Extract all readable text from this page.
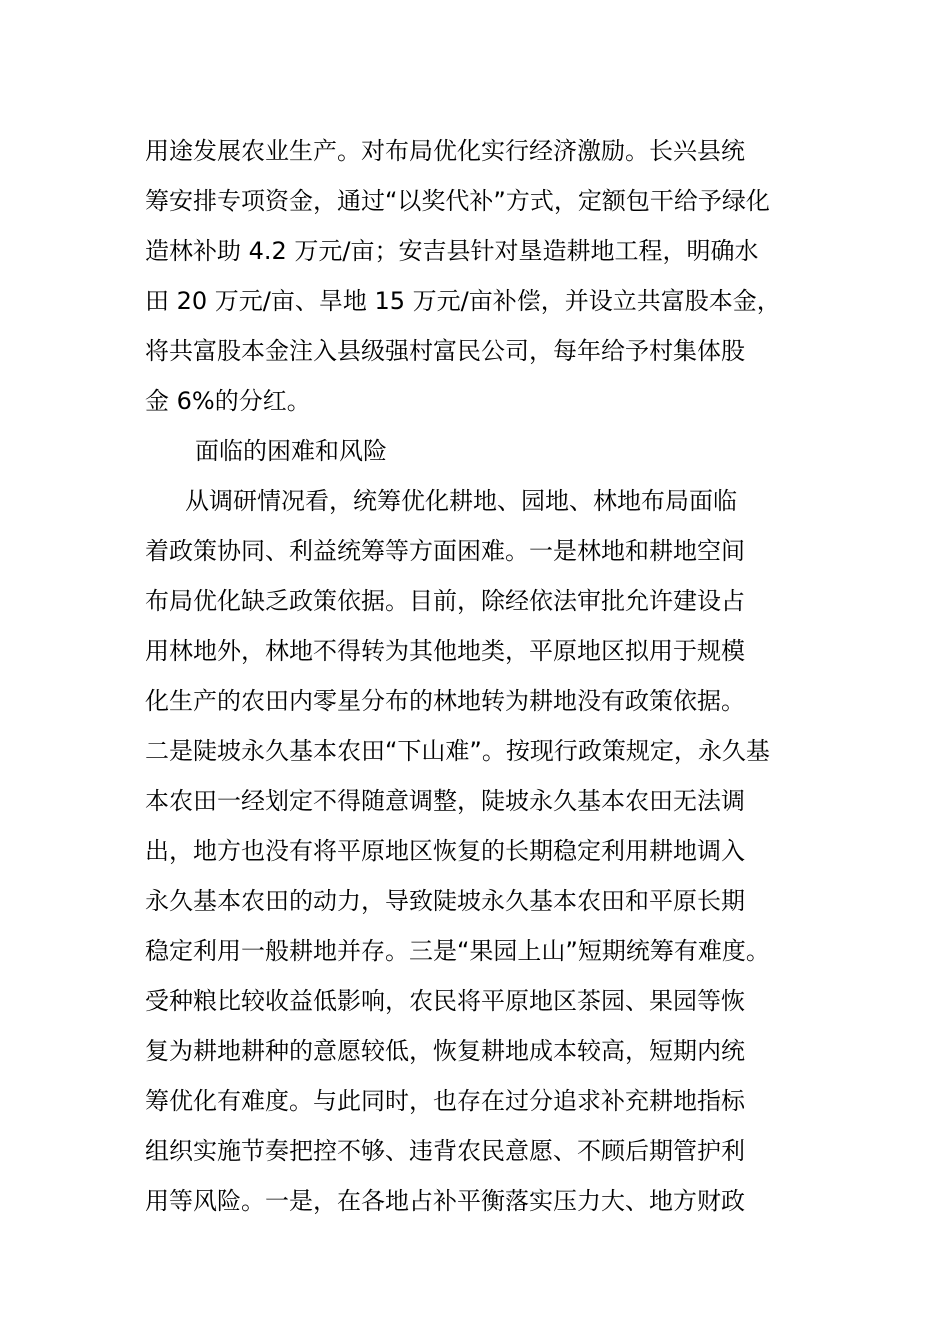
用途发展农业生产。对布局优化实行经济激励。长兴县统
筹安排专项资金，通过“以奖代补”方式，定额包干给予绿化
造林补助 4.2 万元/亩；安吉县针对垦造耕地工程，明确水
田 20 万元/亩、旱地 15 万元/亩补偿，并设立共富股本金，
将共富股本金注入县级强村富民公司，每年给予村集体股
金 6%的分红。
面临的困难和风险
从调研情况看，统筹优化耕地、园地、林地布局面临
着政策协同、利益统筹等方面困难。一是林地和耕地空间
布局优化缺乏政策依据。目前，除经依法审批允许建设占
用林地外，林地不得转为其他地类，平原地区拟用于规模
化生产的农田内零星分布的林地转为耕地没有政策依据。
二是陡坡永久基本农田“下山难”。按现行政策规定，永久基
本农田一经划定不得随意调整，陡坡永久基本农田无法调
出，地方也没有将平原地区恢复的长期稳定利用耕地调入
永久基本农田的动力，导致陡坡永久基本农田和平原长期
稳定利用一般耕地并存。三是“果园上山”短期统筹有难度。
受种粮比较收益低影响，农民将平原地区茶园、果园等恢
复为耕地耕种的意愿较低，恢复耕地成本较高，短期内统
筹优化有难度。与此同时，也存在过分追求补充耕地指标
组织实施节奏把控不够、违背农民意愿、不顾后期管护利
用等风险。一是，在各地占补平衡落实压力大、地方财政
